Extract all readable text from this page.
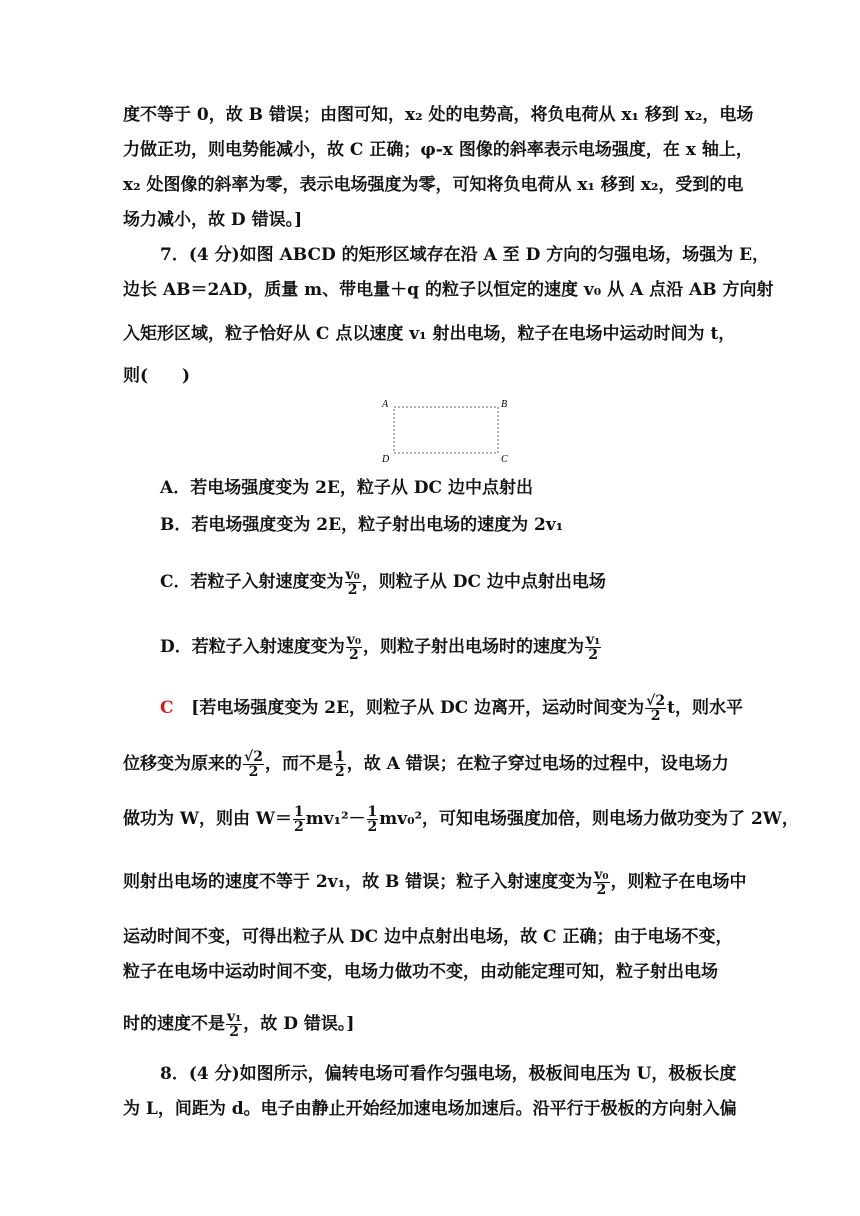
度不等于 0，故 B 错误；由图可知，x₂ 处的电势高，将负电荷从 x₁ 移到 x₂，电场
力做正功，则电势能减小，故 C 正确；φ-x 图像的斜率表示电场强度，在 x 轴上，
x₂ 处图像的斜率为零，表示电场强度为零，可知将负电荷从 x₁ 移到 x₂，受到的电
场力减小，故 D 错误。]
7．(4 分)如图 ABCD 的矩形区域存在沿 A 至 D 方向的匀强电场，场强为 E，
边长 AB＝2AD，质量 m、带电量＋q 的粒子以恒定的速度 v₀ 从 A 点沿 AB 方向射
入矩形区域，粒子恰好从 C 点以速度 v₁ 射出电场，粒子在电场中运动时间为 t，
则(　　)
A	B
D	C
A．若电场强度变为 2E，粒子从 DC 边中点射出
B．若电场强度变为 2E，粒子射出电场的速度为 2v₁
C．若粒子入射速度变为 $\frac{\text{v₀}}{2}$ ，则粒子从 DC 边中点射出电场
D．若粒子入射速度变为 $\frac{\text{v₀}}{2}$ ，则粒子射出电场时的速度为 $\frac{\text{v₁}}{2}$
C [若电场强度变为 2E，则粒子从 DC 边离开，运动时间变为 $\frac{√2}{2}$ t，则水平
位移变为原来的 $\frac{√2}{2}$ ，而不是 $\frac{1}{2}$ ，故 A 错误；在粒子穿过电场的过程中，设电场力
做功为 W，则由 $W= \frac{1}{2} mv_1^2- \frac{1}{2} mv_0^2$，可知电场强度加倍，则电场力做功变为了 2W，
则射出电场的速度不等于 2v₁，故 B 错误；粒子入射速度变为 $\frac{\text{v₀}}{2}$ ，则粒子在电场中
运动时间不变，可得出粒子从 DC 边中点射出电场，故 C 正确；由于电场不变，
粒子在电场中运动时间不变，电场力做功不变，由动能定理可知，粒子射出电场
时的速度不是 $\frac{\text{v₁}}{2}$ ，故 D 错误。]
8．(4 分)如图所示，偏转电场可看作匀强电场，极板间电压为 U，极板长度
为 L，间距为 d。电子由静止开始经加速电场加速后。沿平行于极板的方向射入偏
